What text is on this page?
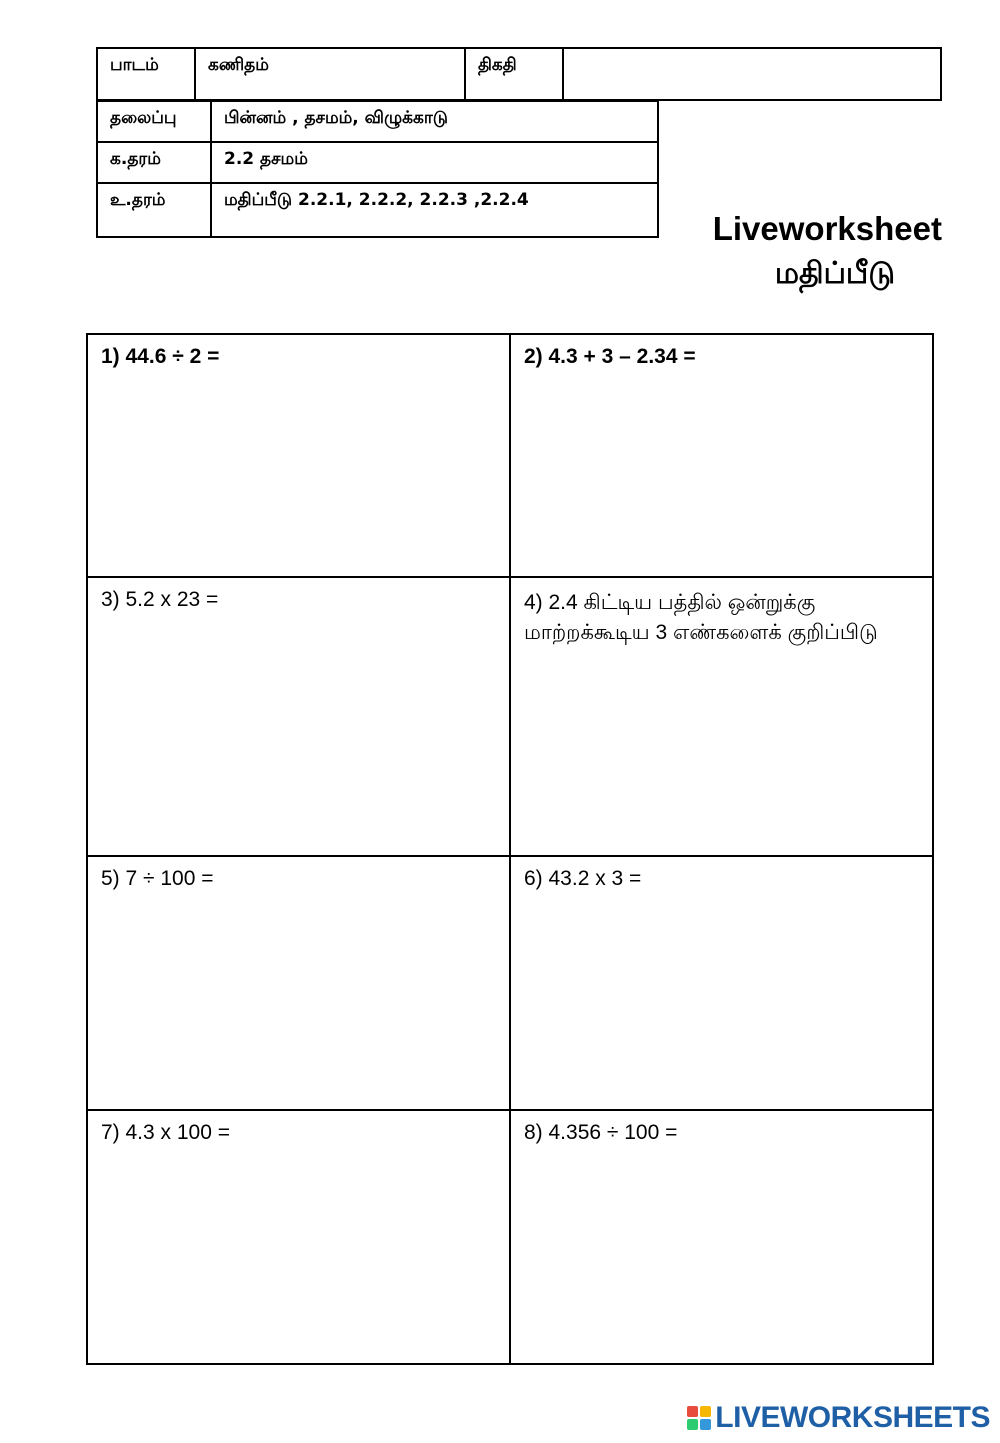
பாடம்	கணிதம்	திகதி	
தலைப்பு	பின்னம் , தசமம், விழுக்காடு
க.தரம்	2.2 தசமம்
உ.தரம்	மதிப்பீடு 2.2.1, 2.2.2, 2.2.3 ,2.2.4
Liveworksheet
மதிப்பீடு
1) 44.6 ÷ 2 =	2) 4.3 + 3 – 2.34 =
3) 5.2 x 23 =	4) 2.4 கிட்டிய பத்தில் ஒன்றுக்கு மாற்றக்கூடிய 3 எண்களைக் குறிப்பிடு
5) 7 ÷ 100 =	6) 43.2 x 3 =
7) 4.3 x 100 =	8) 4.356 ÷ 100 =
LIVEWORKSHEETS
